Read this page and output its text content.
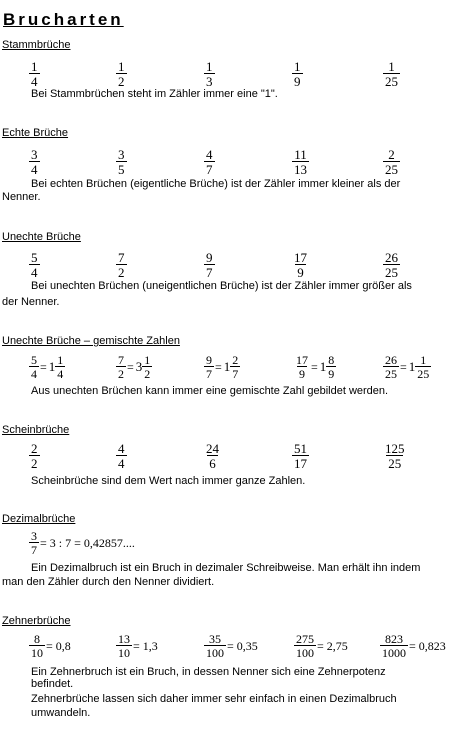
Brucharten
Stammbrüche
$\frac{1}{4}$	$\frac{1}{2}$	$\frac{1}{3}$	$\frac{1}{9}$	$\frac{1}{25}$
Bei Stammbrüchen steht im Zähler immer eine "1".
Echte Brüche
$\frac{3}{4}$	$\frac{3}{5}$	$\frac{4}{7}$	$\frac{11}{13}$	$\frac{2}{25}$
Bei echten Brüchen (eigentliche Brüche) ist der Zähler immer kleiner als der
Nenner.
Unechte Brüche
$\frac{5}{4}$	$\frac{7}{2}$	$\frac{9}{7}$	$\frac{17}{9}$	$\frac{26}{25}$
Bei unechten Brüchen (uneigentlichen Brüche) ist der Zähler immer größer als
der Nenner.
Unechte Brüche – gemischte Zahlen
$\frac{5}{4} = 1 \frac{1}{4}$	$\frac{7}{2} = 3 \frac{1}{2}$	$\frac{9}{7} = 1 \frac{2}{7}$	$\frac{17}{9} = 1 \frac{8}{9}$	$\frac{26}{25} = 1 \frac{1}{25}$
Aus unechten Brüchen kann immer eine gemischte Zahl gebildet werden.
Scheinbrüche
$\frac{2}{2}$	$\frac{4}{4}$	$\frac{24}{6}$	$\frac{51}{17}$	$\frac{125}{25}$
Scheinbrüche sind dem Wert nach immer ganze Zahlen.
Dezimalbrüche
$\frac{3}{7} = 3$ : 7 = 0,42857....
Ein Dezimalbruch ist ein Bruch in dezimaler Schreibweise. Man erhält ihn indem
man den Zähler durch den Nenner dividiert.
Zehnerbrüche
$\frac{8}{10} = 0,8$	$\frac{13}{10} = 1,3$	$\frac{35}{100} = 0,35$	$\frac{275}{100} = 2,75$	$\frac{823}{1000} = 0,823$
Ein Zehnerbruch ist ein Bruch, in dessen Nenner sich eine Zehnerpotenz
befindet.
Zehnerbrüche lassen sich daher immer sehr einfach in einen Dezimalbruch
umwandeln.
